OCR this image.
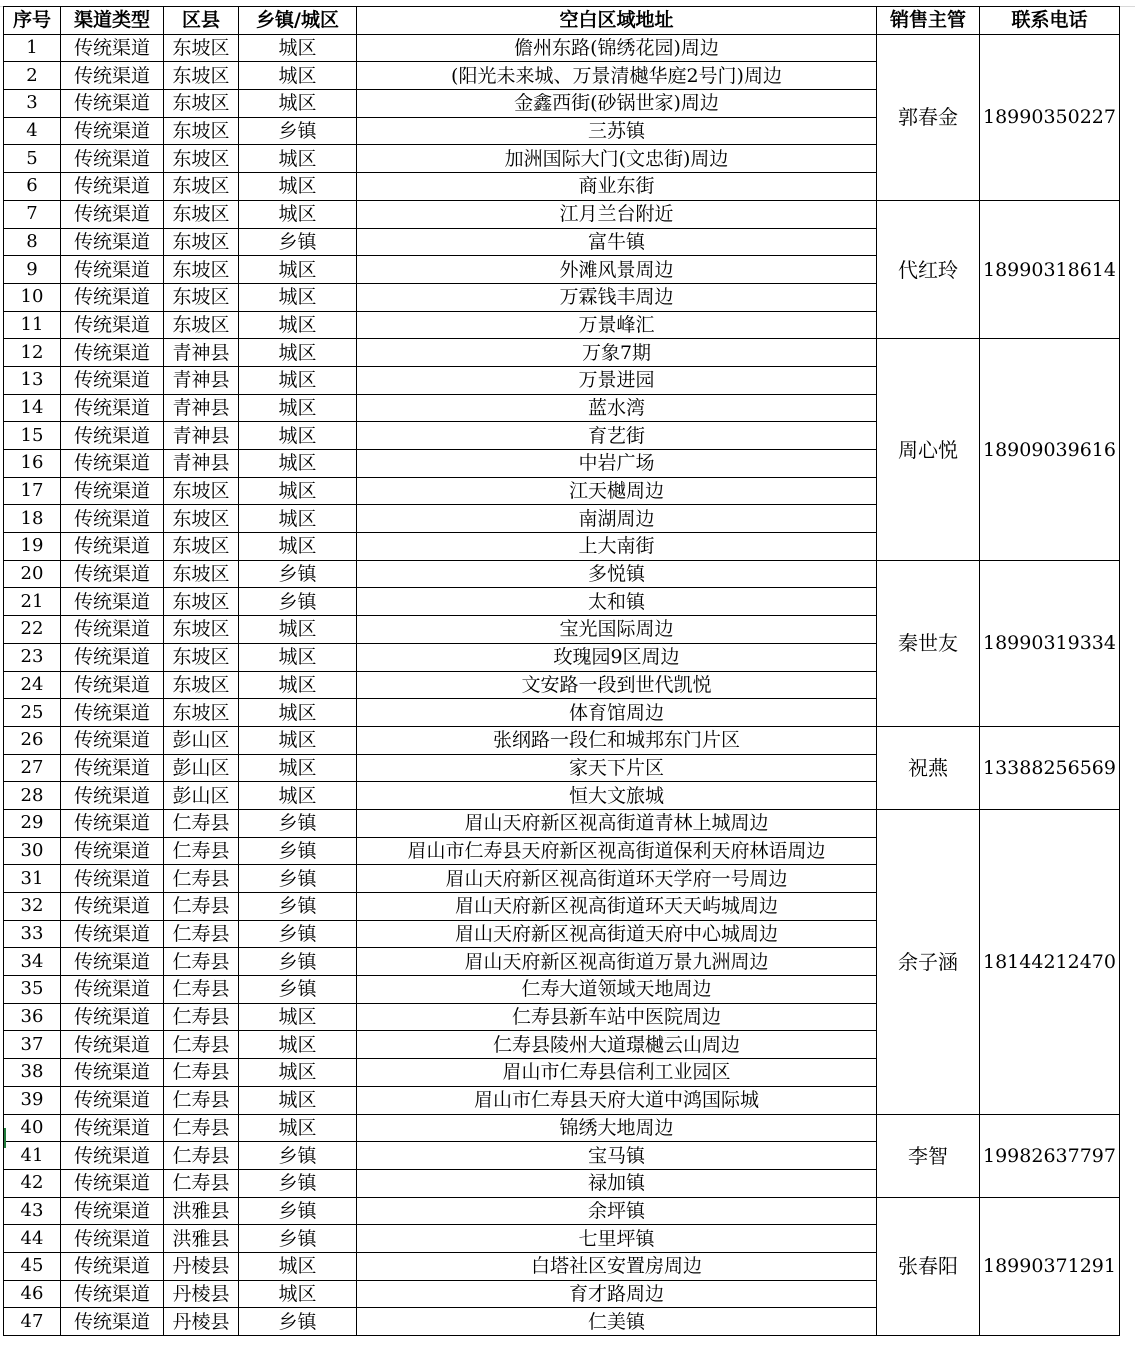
序号	渠道类型	区县	乡镇/城区	空白区域地址	销售主管	联系电话
1	传统渠道	东坡区	城区	儋州东路(锦绣花园)周边	郭春金	18990350227
2	传统渠道	东坡区	城区	(阳光未来城、万景清樾华庭2号门)周边		
3	传统渠道	东坡区	城区	金鑫西街(砂锅世家)周边		
4	传统渠道	东坡区	乡镇	三苏镇		
5	传统渠道	东坡区	城区	加洲国际大门(文忠街)周边		
6	传统渠道	东坡区	城区	商业东街		
7	传统渠道	东坡区	城区	江月兰台附近	代红玲	18990318614
8	传统渠道	东坡区	乡镇	富牛镇		
9	传统渠道	东坡区	城区	外滩风景周边		
10	传统渠道	东坡区	城区	万霖钱丰周边		
11	传统渠道	东坡区	城区	万景峰汇		
12	传统渠道	青神县	城区	万象7期	周心悦	18909039616
13	传统渠道	青神县	城区	万景进园		
14	传统渠道	青神县	城区	蓝水湾		
15	传统渠道	青神县	城区	育艺街		
16	传统渠道	青神县	城区	中岩广场		
17	传统渠道	东坡区	城区	江天樾周边		
18	传统渠道	东坡区	城区	南湖周边		
19	传统渠道	东坡区	城区	上大南街		
20	传统渠道	东坡区	乡镇	多悦镇	秦世友	18990319334
21	传统渠道	东坡区	乡镇	太和镇		
22	传统渠道	东坡区	城区	宝光国际周边		
23	传统渠道	东坡区	城区	玫瑰园9区周边		
24	传统渠道	东坡区	城区	文安路一段到世代凯悦		
25	传统渠道	东坡区	城区	体育馆周边		
26	传统渠道	彭山区	城区	张纲路一段仁和城邦东门片区	祝燕	13388256569
27	传统渠道	彭山区	城区	家天下片区		
28	传统渠道	彭山区	城区	恒大文旅城		
29	传统渠道	仁寿县	乡镇	眉山天府新区视高街道青林上城周边	余子涵	18144212470
30	传统渠道	仁寿县	乡镇	眉山市仁寿县天府新区视高街道保利天府林语周边		
31	传统渠道	仁寿县	乡镇	眉山天府新区视高街道环天学府一号周边		
32	传统渠道	仁寿县	乡镇	眉山天府新区视高街道环天天屿城周边		
33	传统渠道	仁寿县	乡镇	眉山天府新区视高街道天府中心城周边		
34	传统渠道	仁寿县	乡镇	眉山天府新区视高街道万景九洲周边		
35	传统渠道	仁寿县	乡镇	仁寿大道领域天地周边		
36	传统渠道	仁寿县	城区	仁寿县新车站中医院周边		
37	传统渠道	仁寿县	城区	仁寿县陵州大道璟樾云山周边		
38	传统渠道	仁寿县	城区	眉山市仁寿县信利工业园区		
39	传统渠道	仁寿县	城区	眉山市仁寿县天府大道中鸿国际城		
40	传统渠道	仁寿县	城区	锦绣大地周边	李智	19982637797
41	传统渠道	仁寿县	乡镇	宝马镇		
42	传统渠道	仁寿县	乡镇	禄加镇		
43	传统渠道	洪雅县	乡镇	余坪镇	张春阳	18990371291
44	传统渠道	洪雅县	乡镇	七里坪镇		
45	传统渠道	丹棱县	城区	白塔社区安置房周边		
46	传统渠道	丹棱县	城区	育才路周边		
47	传统渠道	丹棱县	乡镇	仁美镇		
